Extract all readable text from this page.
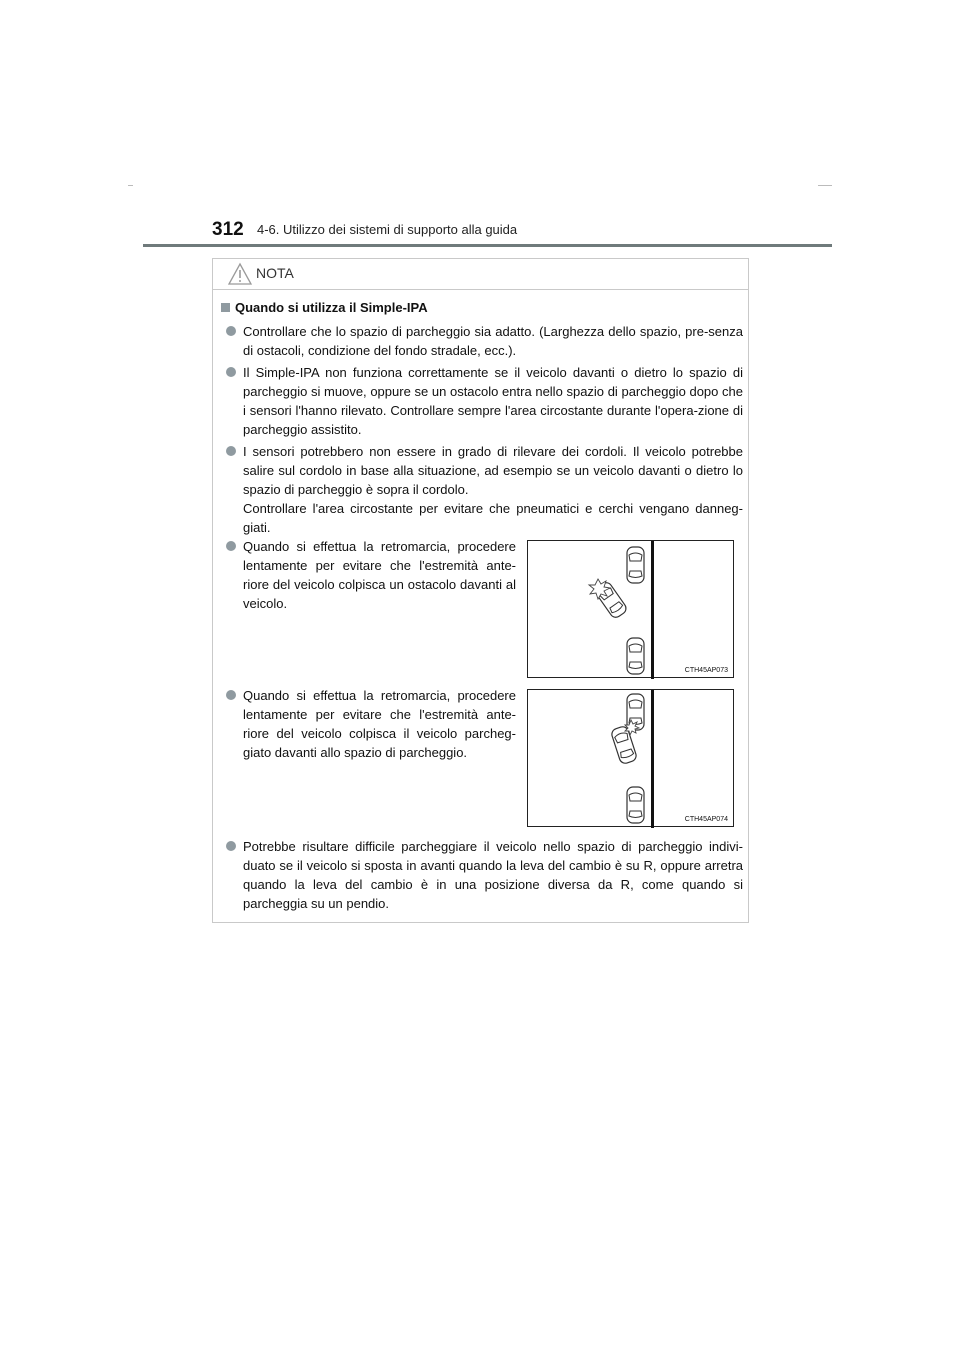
312 4-6. Utilizzo dei sistemi di supporto alla guida
NOTA
Quando si utilizza il Simple-IPA
Controllare che lo spazio di parcheggio sia adatto. (Larghezza dello spazio, pre-senza di ostacoli, condizione del fondo stradale, ecc.).
Il Simple-IPA non funziona correttamente se il veicolo davanti o dietro lo spazio di parcheggio si muove, oppure se un ostacolo entra nello spazio di parcheggio dopo che i sensori l'hanno rilevato. Controllare sempre l'area circostante durante l'opera-zione di parcheggio assistito.
I sensori potrebbero non essere in grado di rilevare dei cordoli. Il veicolo potrebbe salire sul cordolo in base alla situazione, ad esempio se un veicolo davanti o dietro lo spazio di parcheggio è sopra il cordolo.
Controllare l'area circostante per evitare che pneumatici e cerchi vengano danneg-giati.
Quando si effettua la retromarcia, procedere lentamente per evitare che l'estremità ante-riore del veicolo colpisca un ostacolo davanti al veicolo.
CTH45AP073
Quando si effettua la retromarcia, procedere lentamente per evitare che l'estremità ante-riore del veicolo colpisca il veicolo parcheg-giato davanti allo spazio di parcheggio.
CTH45AP074
Potrebbe risultare difficile parcheggiare il veicolo nello spazio di parcheggio indivi-duato se il veicolo si sposta in avanti quando la leva del cambio è su R, oppure arretra quando la leva del cambio è in una posizione diversa da R, come quando si parcheggia su un pendio.
